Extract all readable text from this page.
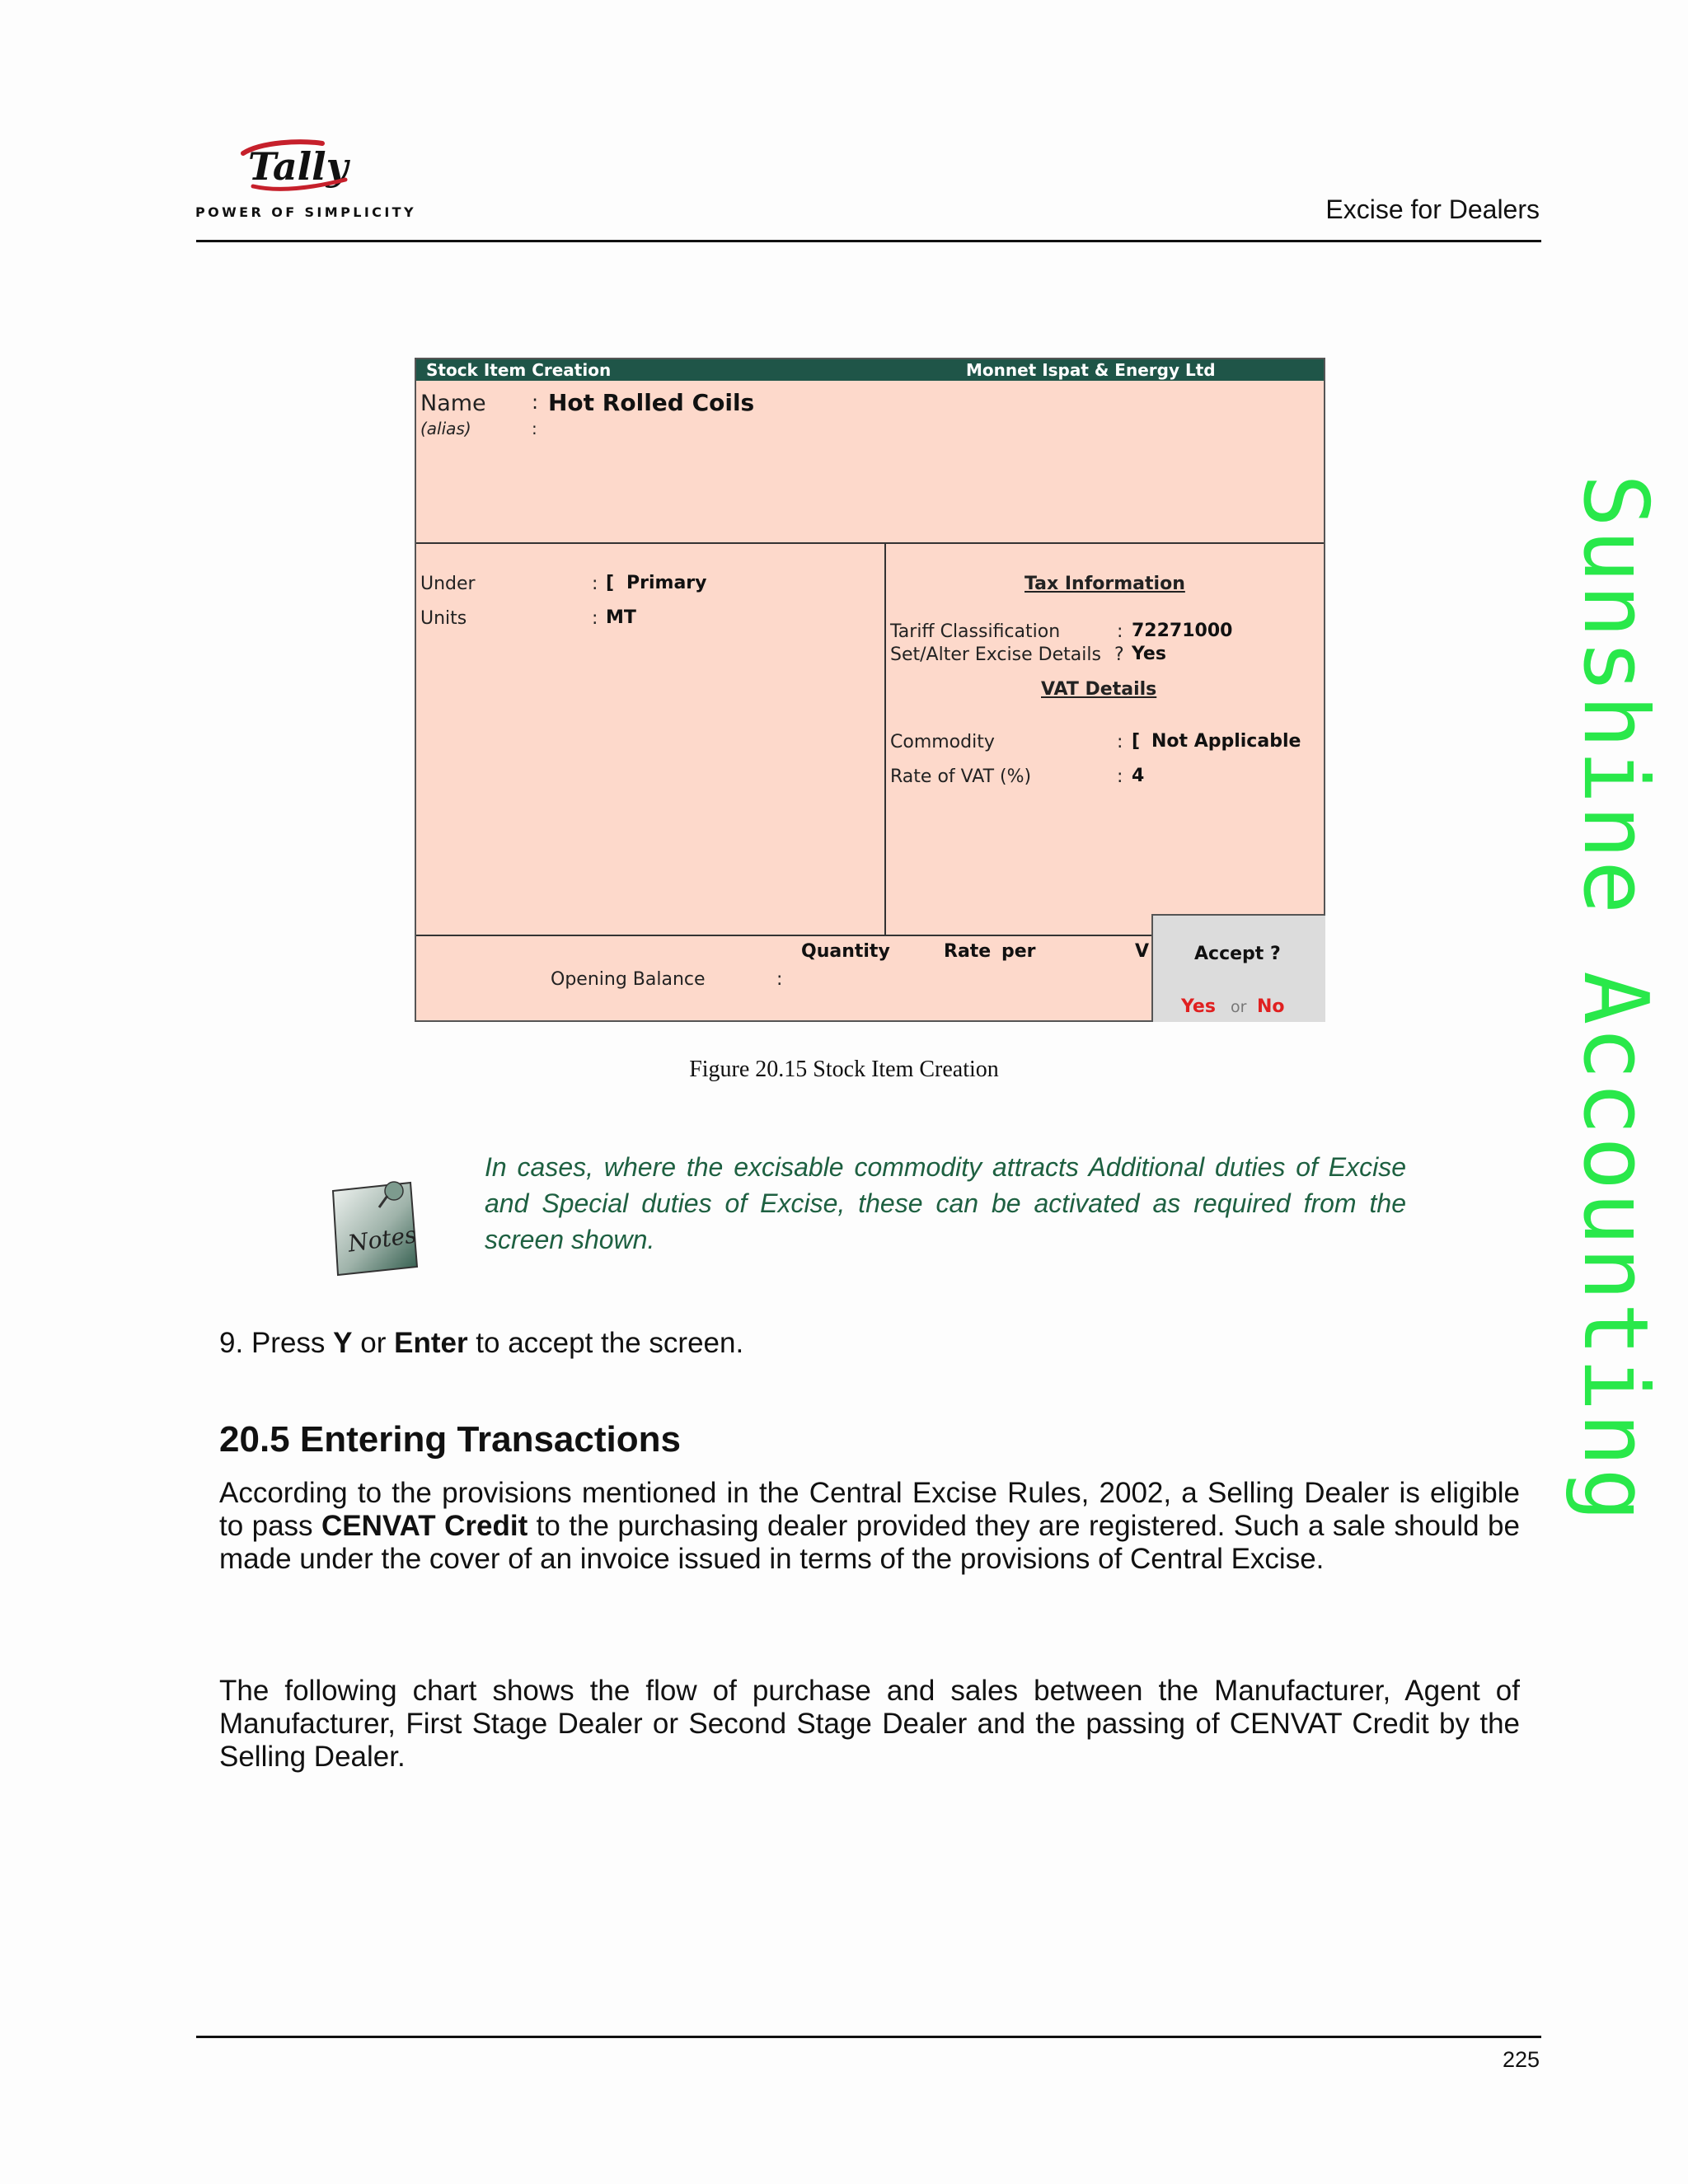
Tally
POWER OF SIMPLICITY	Excise for Dealers
Stock Item Creation	Monnet Ispat & Energy Ltd
Name : Hot Rolled Coils
(alias)	:
Under	: [ Primary
Units	: MT
Tax Information
Tariff Classification	: 72271000
Set/Alter Excise Details ? Yes
VAT Details
Commodity	: [ Not Applicable
Rate of VAT (%)	: 4
Quantity	Rate per	V
Opening Balance	:
Accept ?
Yes or No
Figure 20.15 Stock Item Creation
Notes
In cases, where the excisable commodity attracts Additional duties of Excise and Special duties of Excise, these can be activated as required from the screen shown.
9. Press Y or Enter to accept the screen.
20.5 Entering Transactions
According to the provisions mentioned in the Central Excise Rules, 2002, a Selling Dealer is eligible to pass CENVAT Credit to the purchasing dealer provided they are registered. Such a sale should be made under the cover of an invoice issued in terms of the provisions of Central Excise.
The following chart shows the flow of purchase and sales between the Manufacturer, Agent of Manufacturer, First Stage Dealer or Second Stage Dealer and the passing of CENVAT Credit by the Selling Dealer.
Sunshine Accounting
225
